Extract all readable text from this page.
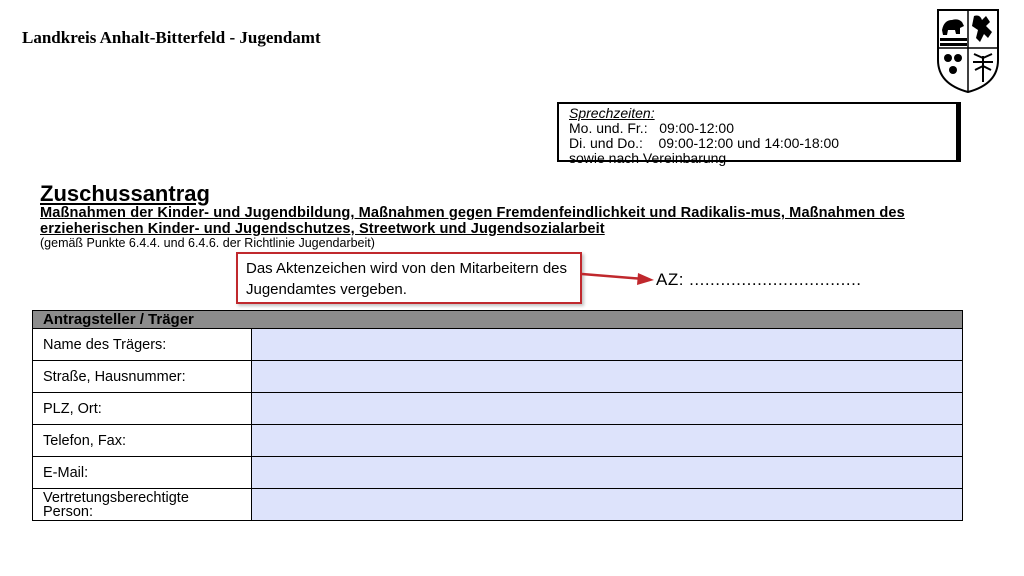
Landkreis Anhalt-Bitterfeld - Jugendamt
Sprechzeiten:
Mo. und. Fr.:   09:00-12:00
Di. und Do.:    09:00-12:00 und 14:00-18:00
sowie nach Vereinbarung
Zuschussantrag
Maßnahmen der Kinder- und Jugendbildung, Maßnahmen gegen Fremdenfeindlichkeit und Radikalis-mus, Maßnahmen des erzieherischen Kinder- und Jugendschutzes, Streetwork und Jugendsozialarbeit
(gemäß Punkte 6.4.4. und 6.4.6. der Richtlinie Jugendarbeit)
Das Aktenzeichen wird von den Mitarbeitern des Jugendamtes vergeben.
AZ: .................................
Antragsteller / Träger	
Name des Trägers:	
Straße, Hausnummer:	
PLZ, Ort:	
Telefon, Fax:	
E-Mail:	
Vertretungsberechtigte Person:	
